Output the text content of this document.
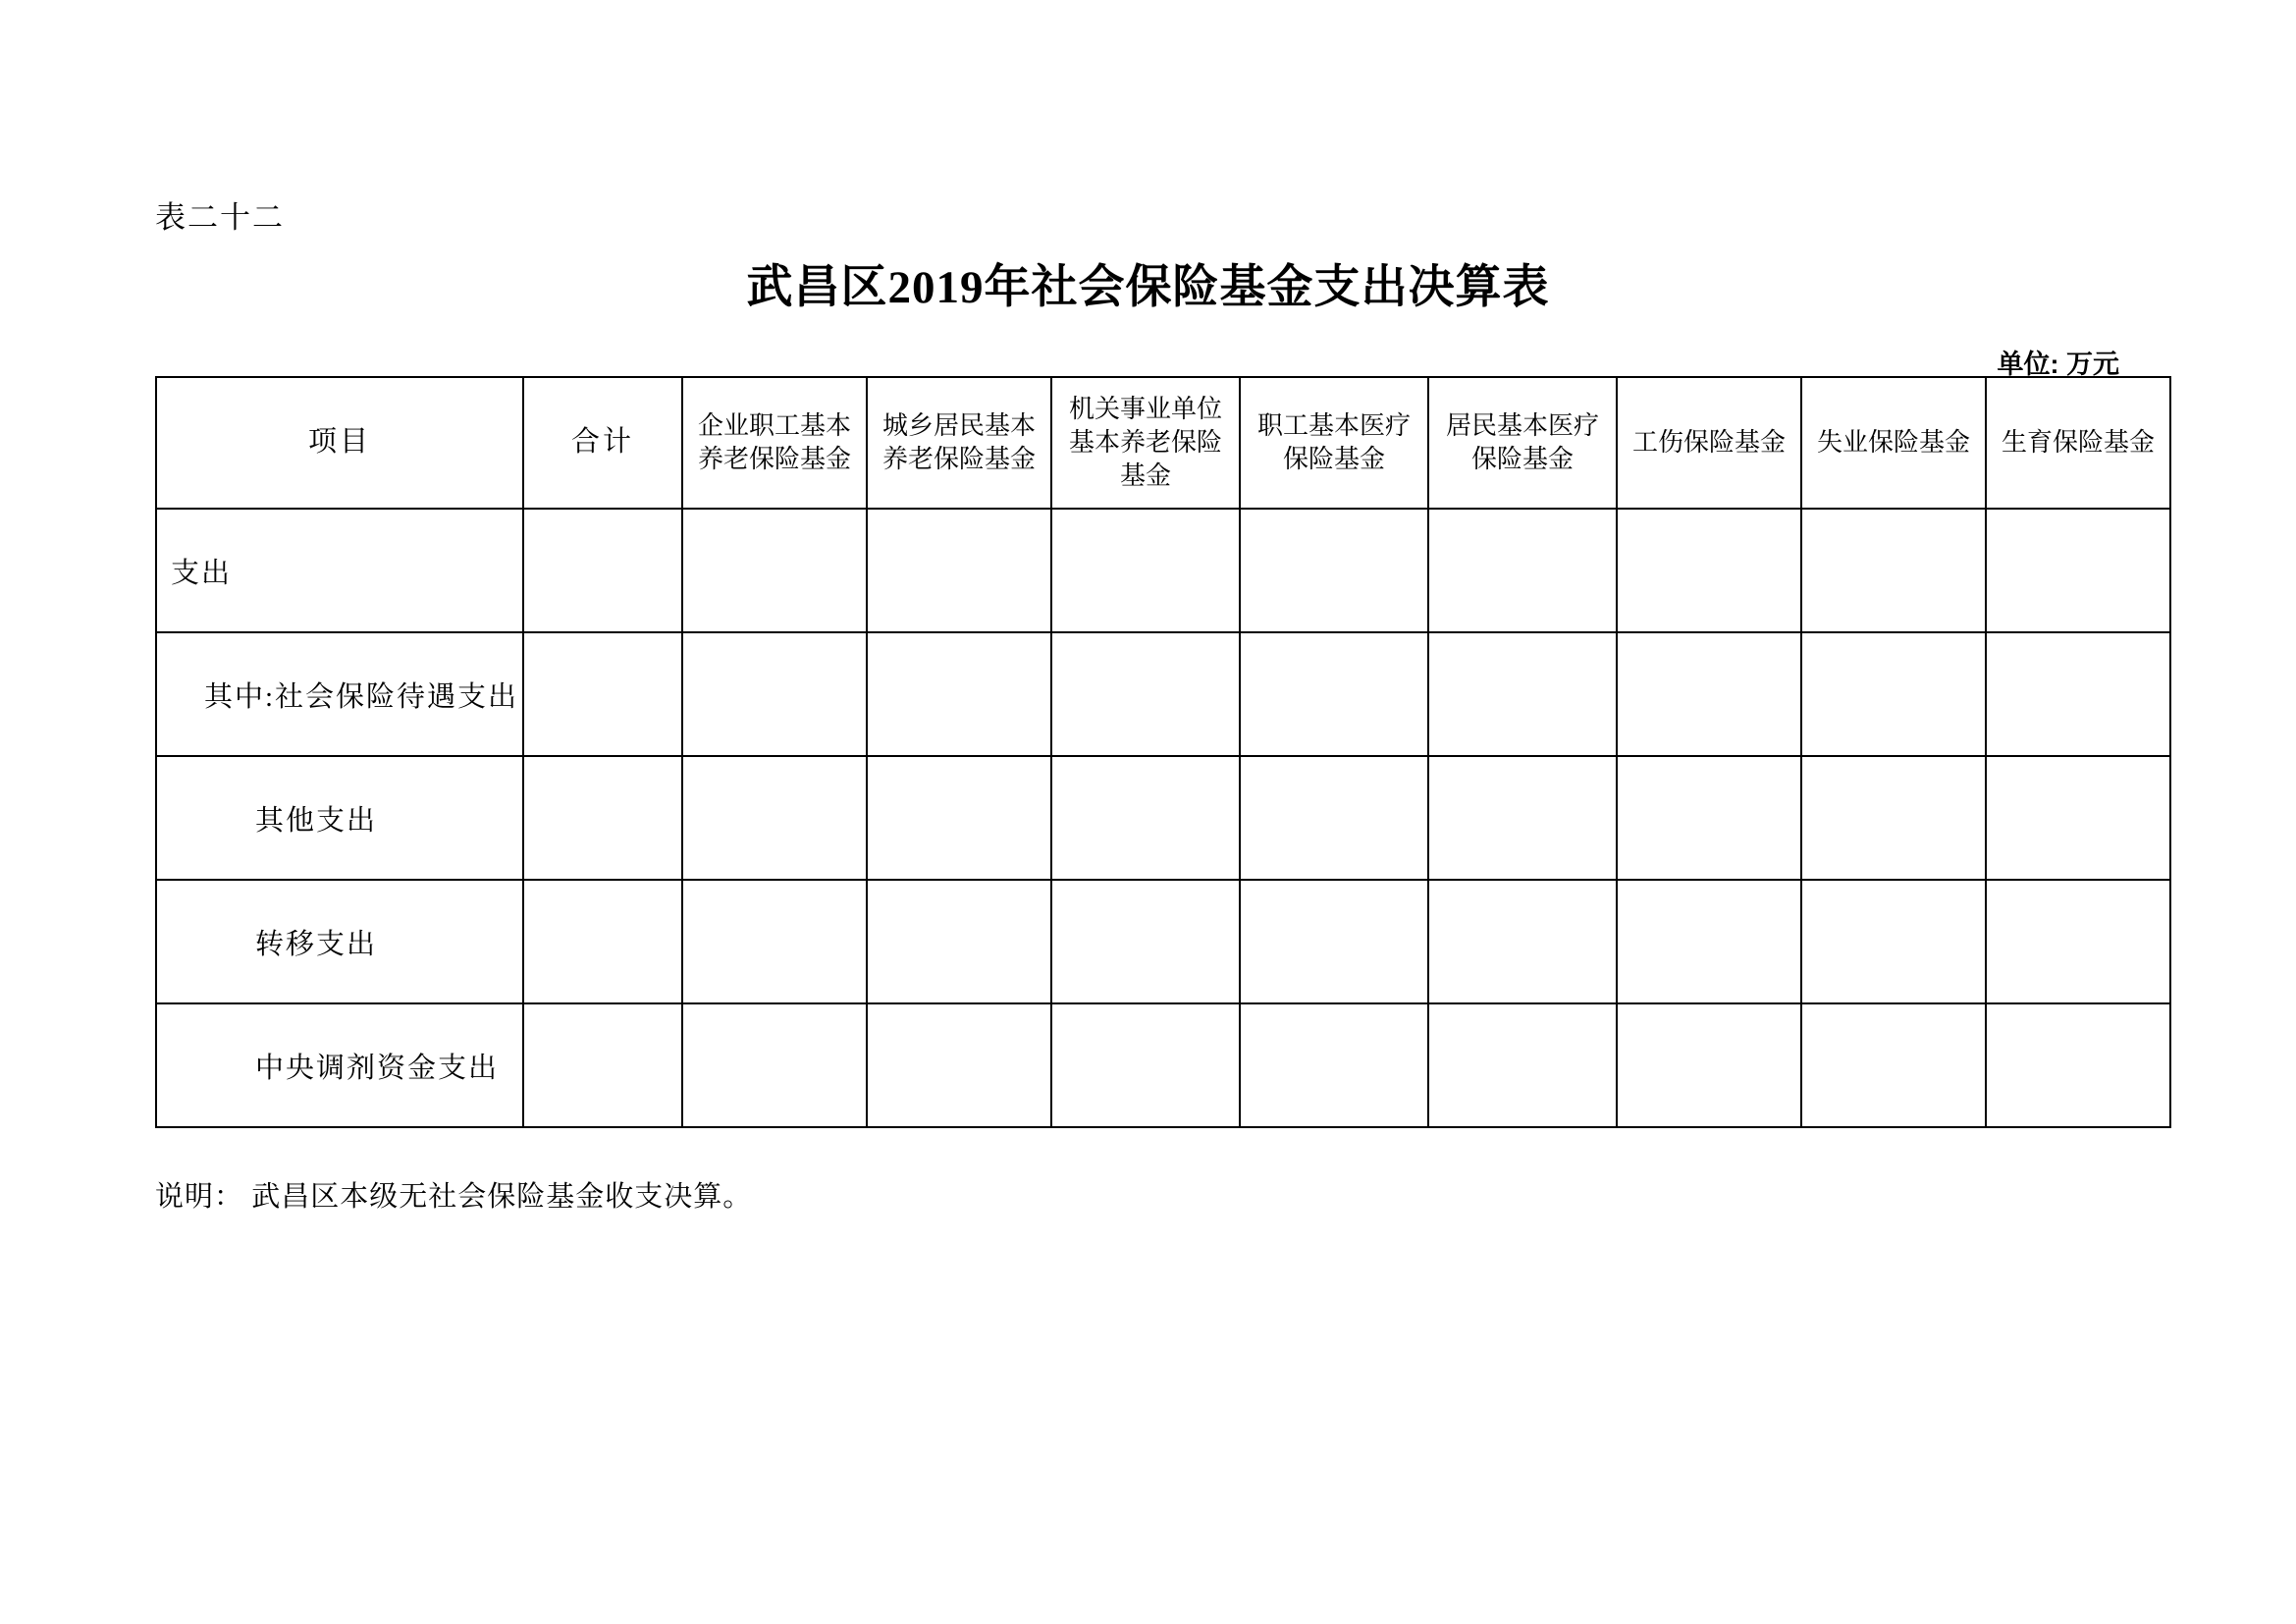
表二十二
武昌区2019年社会保险基金支出决算表
单位: 万元
项目	合计	企业职工基本养老保险基金	城乡居民基本养老保险基金	机关事业单位基本养老保险基金	职工基本医疗保险基金	居民基本医疗保险基金	工伤保险基金	失业保险基金	生育保险基金

支出									

其中:社会保险待遇支出									

其他支出									

转移支出									

中央调剂资金支出									

说明： 武昌区本级无社会保险基金收支决算。
